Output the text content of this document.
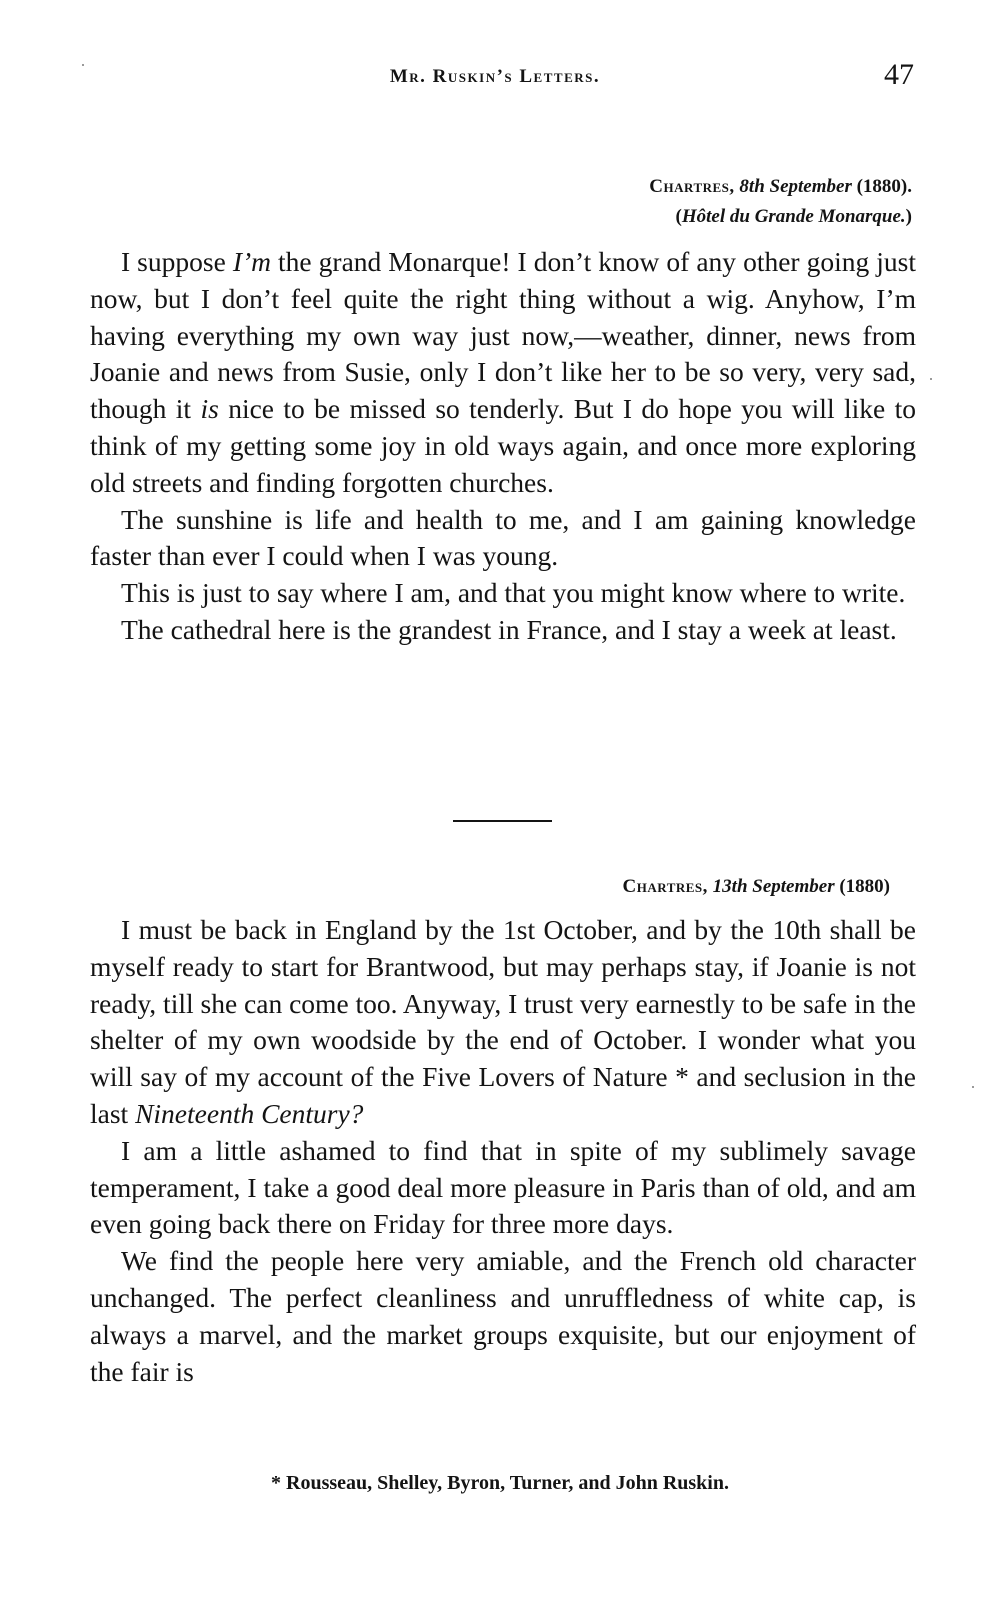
Mr. Ruskin’s Letters.	47
Chartres, 8th September (1880).
(Hôtel du Grande Monarque.)

I suppose I’m the grand Monarque! I don’t know of any other going just now, but I don’t feel quite the right thing without a wig. Anyhow, I’m having everything my own way just now,—weather, dinner, news from Joanie and news from Susie, only I don’t like her to be so very, very sad, though it is nice to be missed so tenderly. But I do hope you will like to think of my getting some joy in old ways again, and once more exploring old streets and finding forgotten churches.

The sunshine is life and health to me, and I am gaining knowledge faster than ever I could when I was young.

This is just to say where I am, and that you might know where to write.

The cathedral here is the grandest in France, and I stay a week at least.

Chartres, 13th September (1880)

I must be back in England by the 1st October, and by the 10th shall be myself ready to start for Brantwood, but may perhaps stay, if Joanie is not ready, till she can come too. Anyway, I trust very earnestly to be safe in the shelter of my own woodside by the end of October. I wonder what you will say of my account of the Five Lovers of Nature * and seclusion in the last Nineteenth Century?

I am a little ashamed to find that in spite of my sublimely savage temperament, I take a good deal more pleasure in Paris than of old, and am even going back there on Friday for three more days.

We find the people here very amiable, and the French old character unchanged. The perfect cleanliness and unruffledness of white cap, is always a marvel, and the market groups exquisite, but our enjoyment of the fair is

* Rousseau, Shelley, Byron, Turner, and John Ruskin.
